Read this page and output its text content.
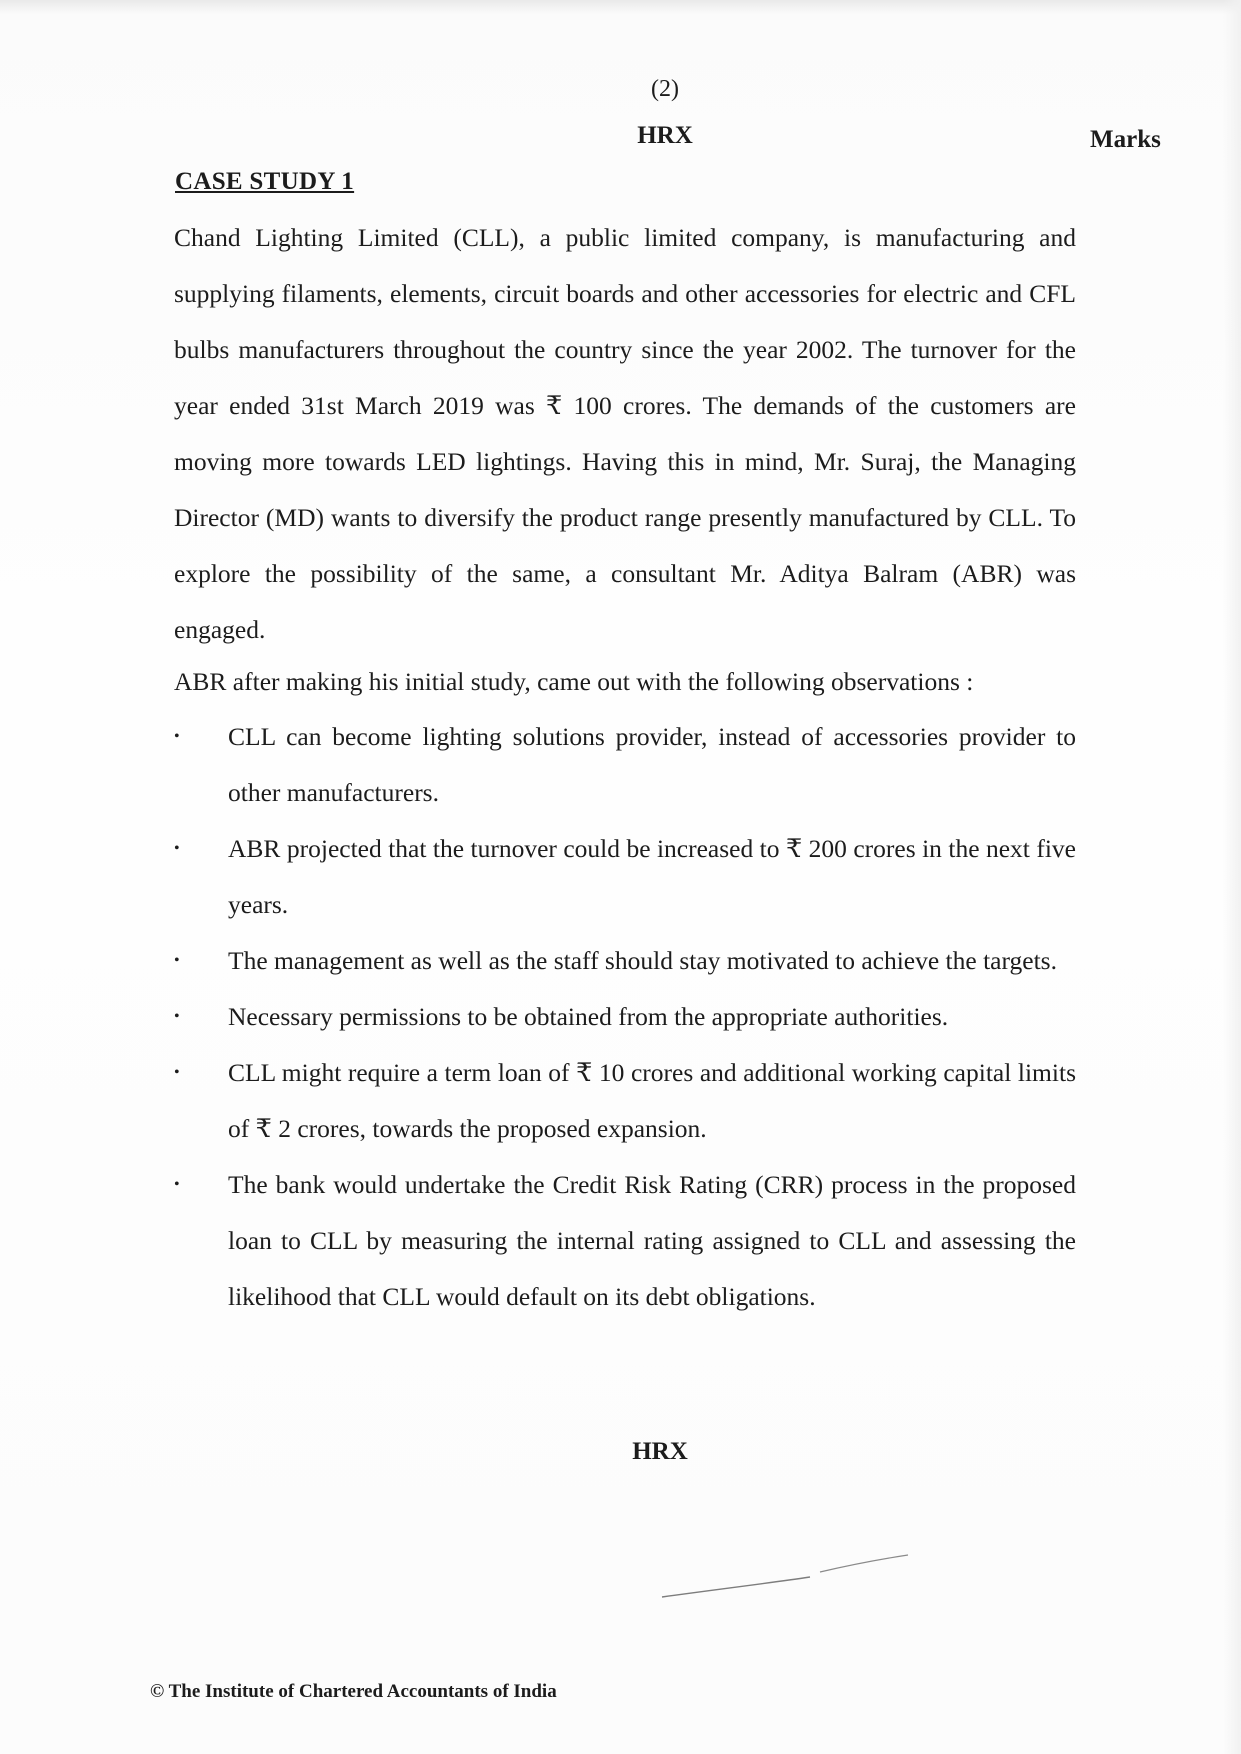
(2)
HRX	Marks
CASE STUDY 1
Chand Lighting Limited (CLL), a public limited company, is manufacturing and supplying filaments, elements, circuit boards and other accessories for electric and CFL bulbs manufacturers throughout the country since the year 2002. The turnover for the year ended 31st March 2019 was ₹ 100 crores. The demands of the customers are moving more towards LED lightings. Having this in mind, Mr. Suraj, the Managing Director (MD) wants to diversify the product range presently manufactured by CLL. To explore the possibility of the same, a consultant Mr. Aditya Balram (ABR) was engaged.
ABR after making his initial study, came out with the following observations :
• CLL can become lighting solutions provider, instead of accessories provider to other manufacturers.
• ABR projected that the turnover could be increased to ₹ 200 crores in the next five years.
• The management as well as the staff should stay motivated to achieve the targets.
• Necessary permissions to be obtained from the appropriate authorities.
• CLL might require a term loan of ₹ 10 crores and additional working capital limits of ₹ 2 crores, towards the proposed expansion.
• The bank would undertake the Credit Risk Rating (CRR) process in the proposed loan to CLL by measuring the internal rating assigned to CLL and assessing the likelihood that CLL would default on its debt obligations.
HRX
© The Institute of Chartered Accountants of India
